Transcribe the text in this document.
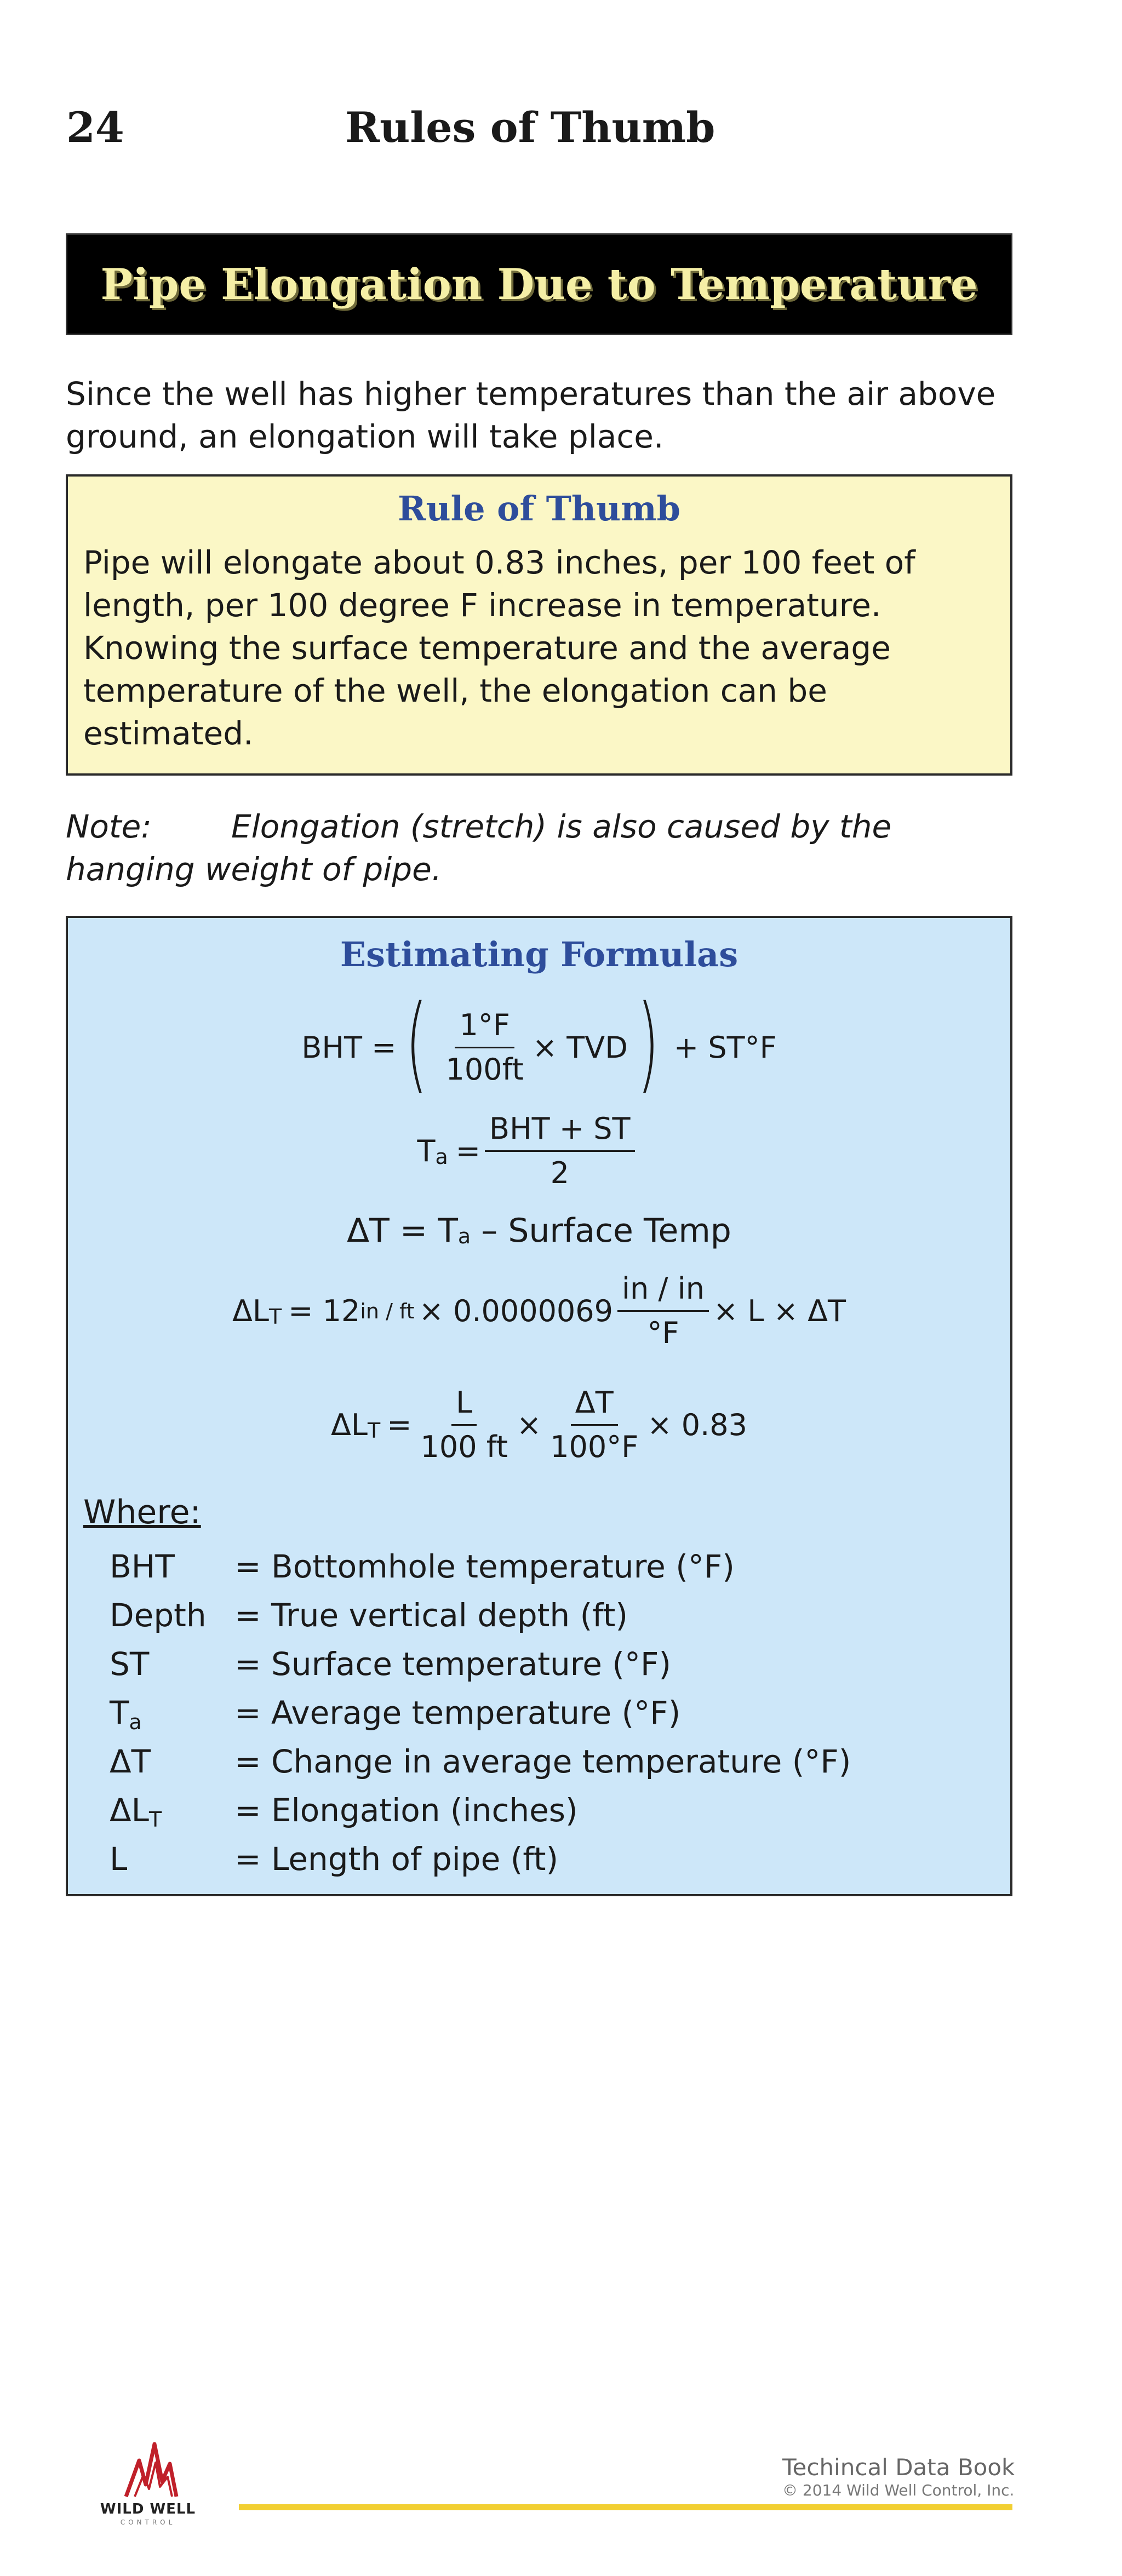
24	Rules of Thumb
Pipe Elongation Due to Temperature
Since the well has higher temperatures than the air above ground, an elongation will take place.
Rule of Thumb
Pipe will elongate about 0.83 inches, per 100 feet of length, per 100 degree F increase in temperature. Knowing the surface temperature and the average temperature of the well, the elongation can be estimated.
Note:	Elongation (stretch) is also caused by the hanging weight of pipe.
Estimating Formulas
BHT = ( $\frac{1^\circ F}{100ft}$ × TVD ) + ST°F
T $a = \frac{\text{BHT + ST}}{2}$
ΔT = T a – Surface Temp
ΔL T = 12 in / ft × $0.0000069 \frac{in / in}{^\circ F} \times L \times \Delta T$
ΔL $T = \frac{L}{100 ft} \times \frac{\Delta T}{100^\circ F} \times 0.83$
Where:
BHT	= Bottomhole temperature (°F)
Depth = True vertical depth (ft)
ST	= Surface temperature (°F)
Ta	= Average temperature (°F)
ΔT	= Change in average temperature (°F)
ΔLT	= Elongation (inches)
L	= Length of pipe (ft)
WILD WELL
CONTROL
Techincal Data Book
© 2014 Wild Well Control, Inc.
